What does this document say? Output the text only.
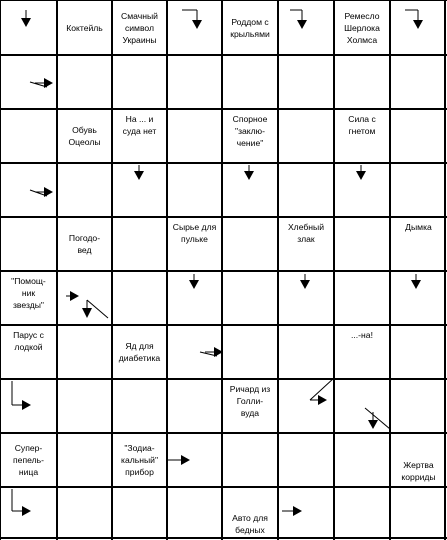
Коктейль
Смачный
символ
Украины
Роддом с
крыльями
Ремесло
Шерлока
Холмса
Обувь
Оцеолы
На ... и
суда нет
Спорное
"заклю-
чение"
Сила с
гнетом
Погодо-
вед
Сырье для
пульке
Хлебный
злак
Дымка
"Помощ-
ник
звезды"
Парус с
лодкой	Яд для
диабетика
...-на!
Ричард из
Голли-
вуда
Супер-
пепель-
ница
"Зодиа-
кальный"
прибор
Жертва
корриды
Авто для
бедных
